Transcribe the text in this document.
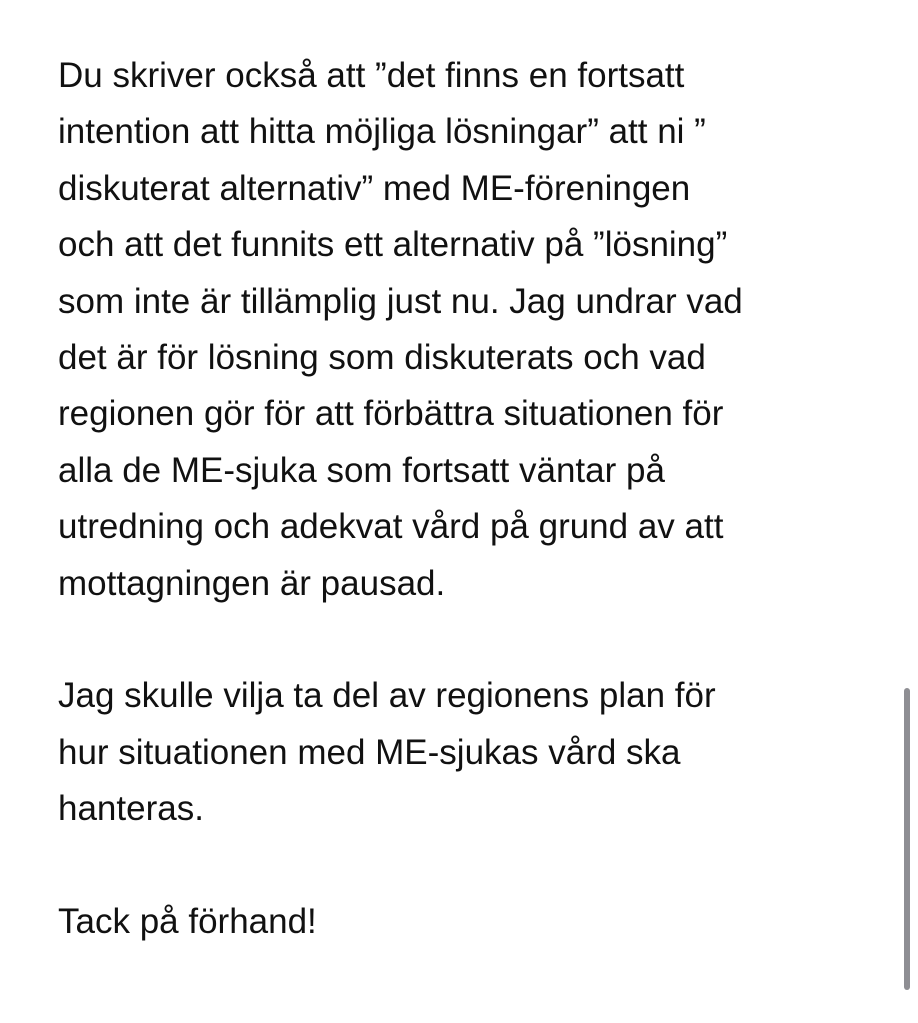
Du skriver också att ”det finns en fortsatt
intention att hitta möjliga lösningar” att ni ”
diskuterat alternativ” med ME-föreningen
och att det funnits ett alternativ på ”lösning”
som inte är tillämplig just nu. Jag undrar vad
det är för lösning som diskuterats och vad
regionen gör för att förbättra situationen för
alla de ME-sjuka som fortsatt väntar på
utredning och adekvat vård på grund av att
mottagningen är pausad.
Jag skulle vilja ta del av regionens plan för
hur situationen med ME-sjukas vård ska
hanteras.
Tack på förhand!
